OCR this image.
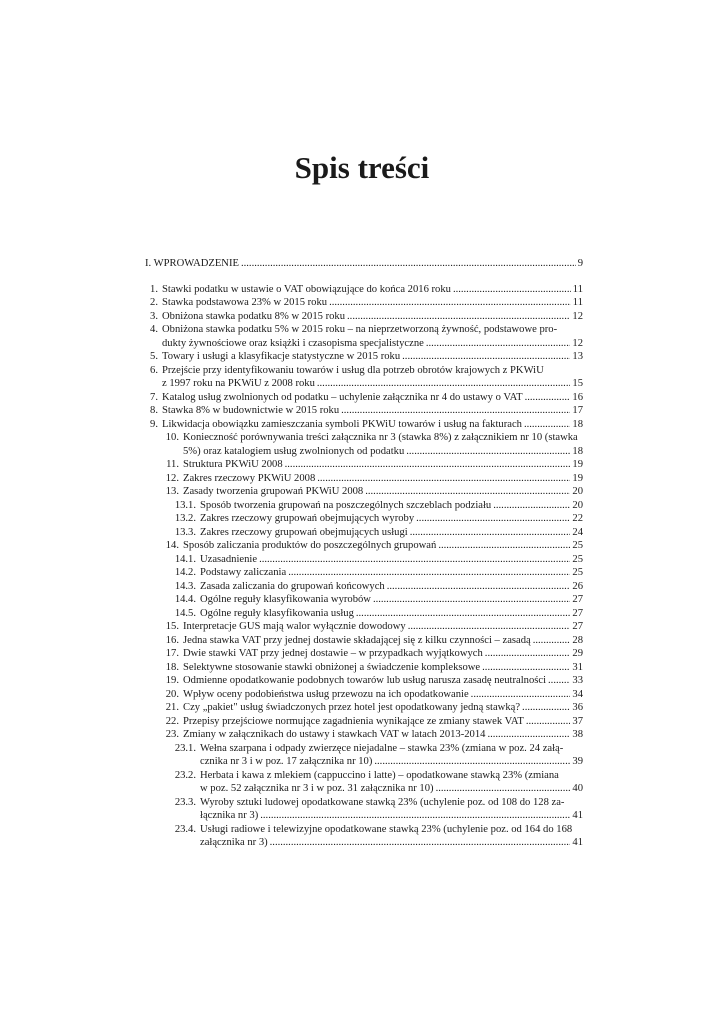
Spis treści
I. WPROWADZENIE .....	9
1. Stawki podatku w ustawie o VAT obowiązujące do końca 2016 roku .....	11
2. Stawka podstawowa 23% w 2015 roku .....	11
3. Obniżona stawka podatku 8% w 2015 roku .....	12
4. Obniżona stawka podatku 5% w 2015 roku – na nieprzetworzoną żywność, podstawowe pro-
dukty żywnościowe oraz książki i czasopisma specjalistyczne .....	12
5. Towary i usługi a klasyfikacje statystyczne w 2015 roku .....	13
6. Przejście przy identyfikowaniu towarów i usług dla potrzeb obrotów krajowych z PKWiU
z 1997 roku na PKWiU z 2008 roku .....	15
7. Katalog usług zwolnionych od podatku – uchylenie załącznika nr 4 do ustawy o VAT .....	16
8. Stawka 8% w budownictwie w 2015 roku .....	17
9. Likwidacja obowiązku zamieszczania symboli PKWiU towarów i usług na fakturach .....	18
10. Konieczność porównywania treści załącznika nr 3 (stawka 8%) z załącznikiem nr 10 (stawka
5%) oraz katalogiem usług zwolnionych od podatku .....	18
11. Struktura PKWiU 2008 .....	19
12. Zakres rzeczowy PKWiU 2008 .....	19
13. Zasady tworzenia grupowań PKWiU 2008 .....	20
13.1. Sposób tworzenia grupowań na poszczególnych szczeblach podziału .....	20
13.2. Zakres rzeczowy grupowań obejmujących wyroby .....	22
13.3. Zakres rzeczowy grupowań obejmujących usługi .....	24
14. Sposób zaliczania produktów do poszczególnych grupowań .....	25
14.1. Uzasadnienie .....	25
14.2. Podstawy zaliczania .....	25
14.3. Zasada zaliczania do grupowań końcowych .....	26
14.4. Ogólne reguły klasyfikowania wyrobów .....	27
14.5. Ogólne reguły klasyfikowania usług .....	27
15. Interpretacje GUS mają walor wyłącznie dowodowy .....	27
16. Jedna stawka VAT przy jednej dostawie składającej się z kilku czynności – zasadą .....	28
17. Dwie stawki VAT przy jednej dostawie – w przypadkach wyjątkowych .....	29
18. Selektywne stosowanie stawki obniżonej a świadczenie kompleksowe .....	31
19. Odmienne opodatkowanie podobnych towarów lub usług narusza zasadę neutralności ..... 33
20. Wpływ oceny podobieństwa usług przewozu na ich opodatkowanie .....	34
21. Czy „pakiet" usług świadczonych przez hotel jest opodatkowany jedną stawką? .....	36
22. Przepisy przejściowe normujące zagadnienia wynikające ze zmiany stawek VAT .....	37
23. Zmiany w załącznikach do ustawy i stawkach VAT w latach 2013-2014 .....	38
23.1. Wełna szarpana i odpady zwierzęce niejadalne – stawka 23% (zmiana w poz. 24 załą-
cznika nr 3 i w poz. 17 załącznika nr 10) .....	39
23.2. Herbata i kawa z mlekiem (cappuccino i latte) – opodatkowane stawką 23% (zmiana
w poz. 52 załącznika nr 3 i w poz. 31 załącznika nr 10) .....	40
23.3. Wyroby sztuki ludowej opodatkowane stawką 23% (uchylenie poz. od 108 do 128 za-
łącznika nr 3) .....	41
23.4. Usługi radiowe i telewizyjne opodatkowane stawką 23% (uchylenie poz. od 164 do 168
załącznika nr 3) .....	41
